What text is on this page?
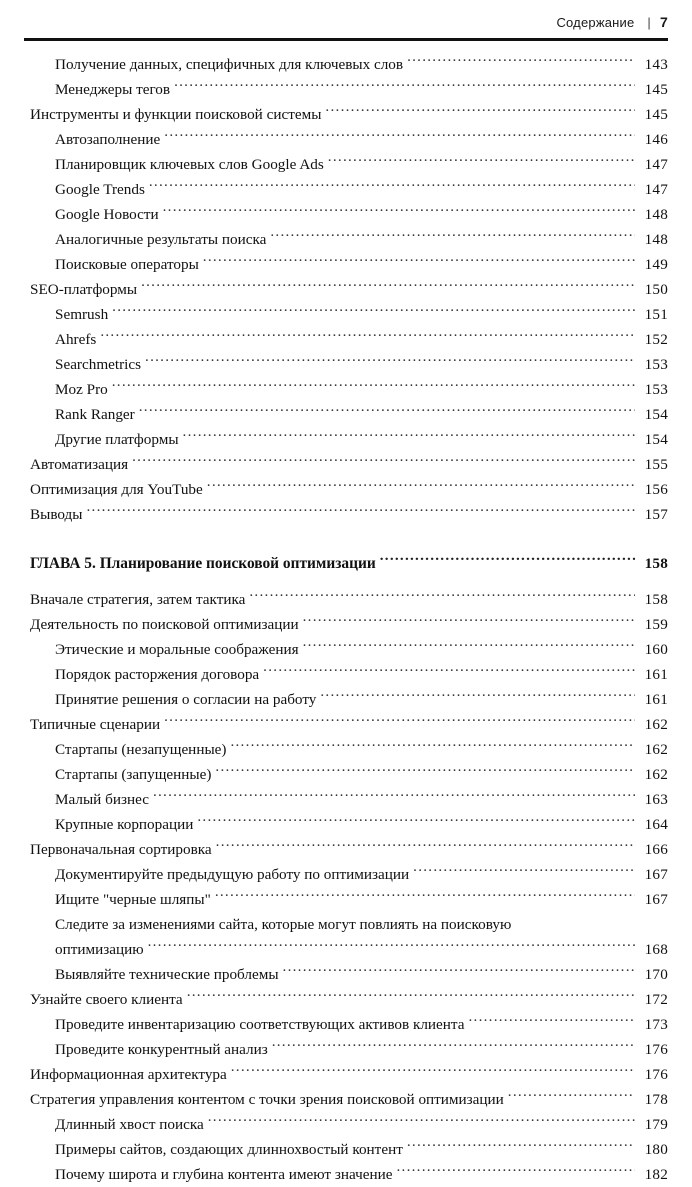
Содержание | 7
Получение данных, специфичных для ключевых слов .....	143
Менеджеры тегов .....	145
Инструменты и функции поисковой системы .....	145
Автозаполнение .....	146
Планировщик ключевых слов Google Ads .....	147
Google Trends .....	147
Google Новости .....	148
Аналогичные результаты поиска .....	148
Поисковые операторы .....	149
SEO-платформы .....	150
Semrush .....	151
Ahrefs .....	152
Searchmetrics .....	153
Moz Pro .....	153
Rank Ranger .....	154
Другие платформы .....	154
Автоматизация .....	155
Оптимизация для YouTube .....	156
Выводы .....	157
ГЛАВА 5. Планирование поисковой оптимизации .....	158
Вначале стратегия, затем тактика .....	158
Деятельность по поисковой оптимизации .....	159
Этические и моральные соображения .....	160
Порядок расторжения договора .....	161
Принятие решения о согласии на работу .....	161
Типичные сценарии .....	162
Стартапы (незапущенные) .....	162
Стартапы (запущенные) .....	162
Малый бизнес .....	163
Крупные корпорации .....	164
Первоначальная сортировка .....	166
Документируйте предыдущую работу по оптимизации .....	167
Ищите "черные шляпы" .....	167
Следите за изменениями сайта, которые могут повлиять на поисковую
оптимизацию .....	168
Выявляйте технические проблемы .....	170
Узнайте своего клиента .....	172
Проведите инвентаризацию соответствующих активов клиента .....	173
Проведите конкурентный анализ .....	176
Информационная архитектура .....	176
Стратегия управления контентом с точки зрения поисковой оптимизации .....	178
Длинный хвост поиска .....	179
Примеры сайтов, создающих длиннохвостый контент .....	180
Почему широта и глубина контента имеют значение .....	182
